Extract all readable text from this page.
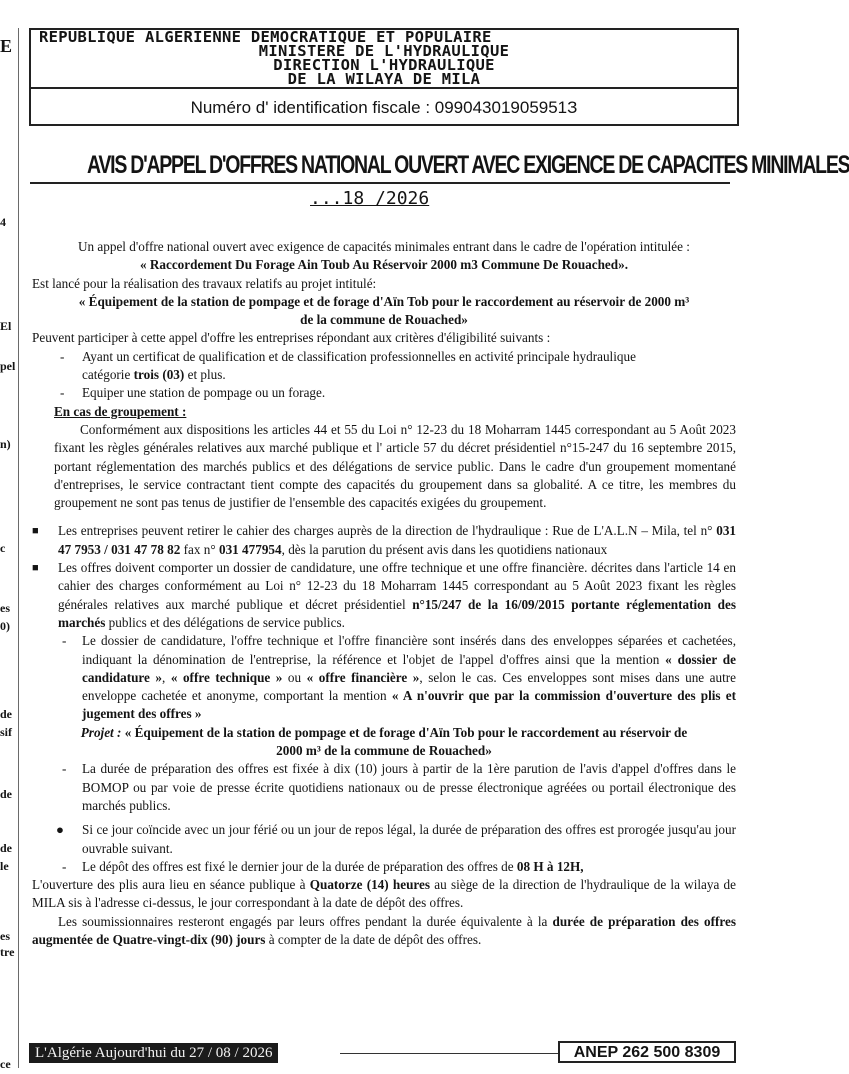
E
4
El
pel
n)
c
es
0)
de
sif
de
de
le
es
tre
ce
REPUBLIQUE ALGERIENNE DEMOCRATIQUE ET POPULAIRE
MINISTERE DE L'HYDRAULIQUE
DIRECTION L'HYDRAULIQUE
DE LA WILAYA DE MILA
Numéro d' identification fiscale : 09904301905951З
AVIS D'APPEL D'OFFRES NATIONAL OUVERT AVEC EXIGENCE DE CAPACITES MINIMALES
...18 /2026

Un appel d'offre national ouvert avec exigence de capacités minimales entrant dans le cadre de l'opération intitulée :

« Raccordement Du Forage Ain Toub Au Réservoir 2000 m3 Commune De Rouached».

Est lancé pour la réalisation des travaux relatifs au projet intitulé:

« Équipement de la station de pompage et de forage d'Aïn Tob pour le raccordement au réservoir de 2000 m³

de la commune de Rouached»

Peuvent participer à cette appel d'offre les entreprises répondant aux critères d'éligibilité suivants :

- Ayant un certificat de qualification et de classification professionnelles en activité principale hydraulique
catégorie trois (03) et plus.

- Equiper une station de pompage ou un forage.

En cas de groupement :

Conformément aux dispositions les articles 44 et 55 du Loi n° 12-23 du 18 Moharram 1445 correspondant au 5 Août 2023 fixant les règles générales relatives aux marché publique et l' article 57 du décret présidentiel n°15-247 du 16 septembre 2015, portant réglementation des marchés publics et des délégations de service public. Dans le cadre d'un groupement momentané d'entreprises, le service contractant tient compte des capacités du groupement dans sa globalité. A ce titre, les membres du groupement ne sont pas tenus de justifier de l'ensemble des capacités exigées du groupement.

■ Les entreprises peuvent retirer le cahier des charges auprès de la direction de l'hydraulique : Rue de L'A.L.N – Mila, tel n° 031 47 7953 / 031 47 78 82 fax n° 031 477954, dès la parution du présent avis dans les quotidiens nationaux

■ Les offres doivent comporter un dossier de candidature, une offre technique et une offre financière. décrites dans l'article 14 en cahier des charges conformément au Loi n° 12-23 du 18 Moharram 1445 correspondant au 5 Août 2023 fixant les règles générales relatives aux marché publique et décret présidentiel n°15/247 de la 16/09/2015 portante réglementation des marchés publics et des délégations de service publics.

- Le dossier de candidature, l'offre technique et l'offre financière sont insérés dans des enveloppes séparées et cachetées, indiquant la dénomination de l'entreprise, la référence et l'objet de l'appel d'offres ainsi que la mention « dossier de candidature », « offre technique » ou « offre financière », selon le cas. Ces enveloppes sont mises dans une autre enveloppe cachetée et anonyme, comportant la mention « A n'ouvrir que par la commission d'ouverture des plis et jugement des offres »

Projet : « Équipement de la station de pompage et de forage d'Aïn Tob pour le raccordement au réservoir de

2000 m³ de la commune de Rouached»

- La durée de préparation des offres est fixée à dix (10) jours à partir de la 1ère parution de l'avis d'appel d'offres dans le BOMOP ou par voie de presse écrite quotidiens nationaux ou de presse électronique agréées ou portail électronique des marchés publics.

● Si ce jour coïncide avec un jour férié ou un jour de repos légal, la durée de préparation des offres est prorogée jusqu'au jour ouvrable suivant.

- Le dépôt des offres est fixé le dernier jour de la durée de préparation des offres de 08 H à 12H,

L'ouverture des plis aura lieu en séance publique à Quatorze (14) heures au siège de la direction de l'hydraulique de la wilaya de MILA sis à l'adresse ci-dessus, le jour correspondant à la date de dépôt des offres.

Les soumissionnaires resteront engagés par leurs offres pendant la durée équivalente à la durée de préparation des offres augmentée de Quatre-vingt-dix (90) jours à compter de la date de dépôt des offres.

L'Algérie Aujourd'hui du 27 / 08 / 2026	ANEP 262 500 8309
